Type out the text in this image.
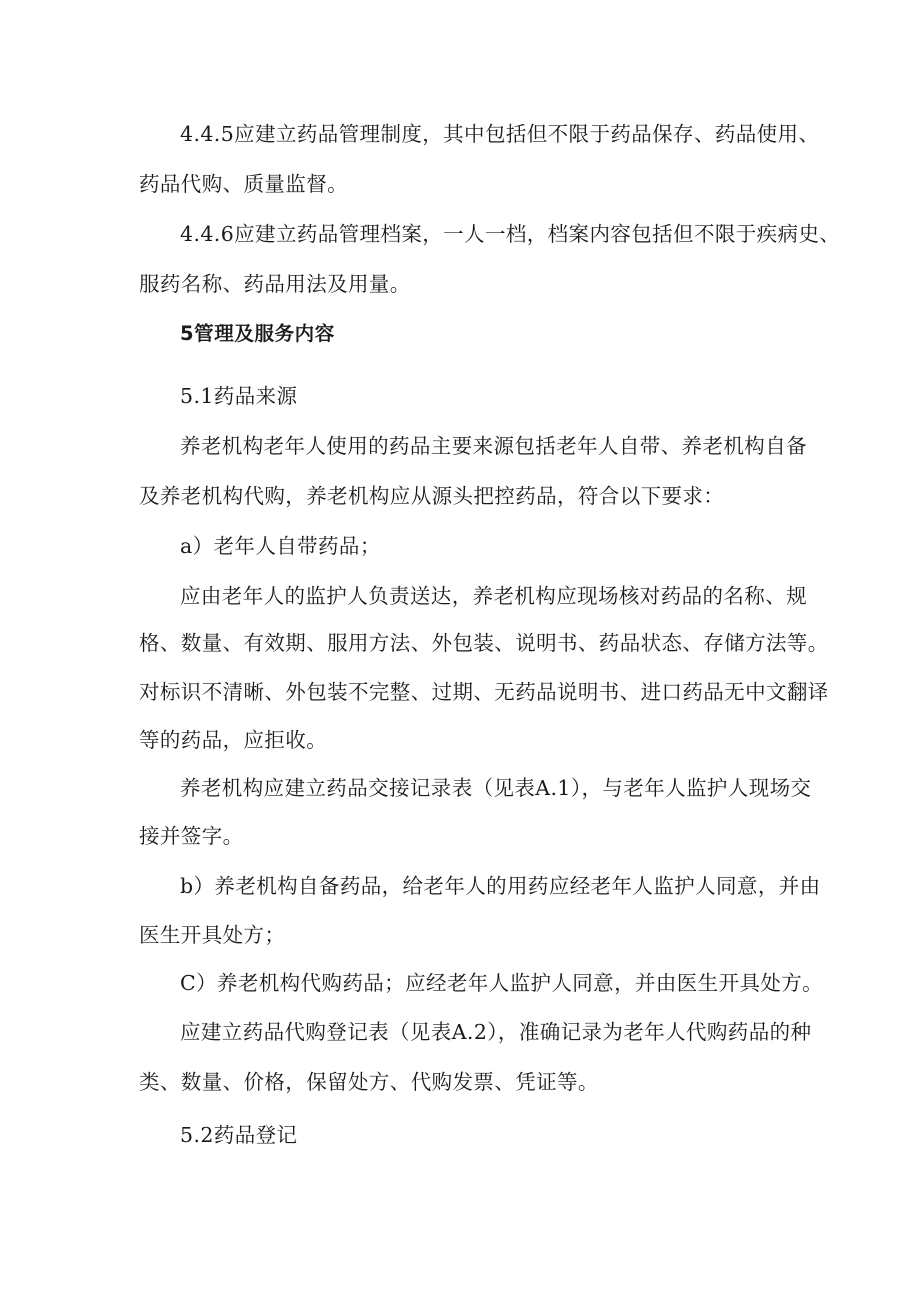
4.4.5应建立药品管理制度，其中包括但不限于药品保存、药品使用、
药品代购、质量监督。
4.4.6应建立药品管理档案，一人一档，档案内容包括但不限于疾病史、
服药名称、药品用法及用量。
5管理及服务内容
5.1药品来源
养老机构老年人使用的药品主要来源包括老年人自带、养老机构自备
及养老机构代购，养老机构应从源头把控药品，符合以下要求：
a）老年人自带药品；
应由老年人的监护人负责送达，养老机构应现场核对药品的名称、规
格、数量、有效期、服用方法、外包装、说明书、药品状态、存储方法等。
对标识不清晰、外包装不完整、过期、无药品说明书、进口药品无中文翻译
等的药品，应拒收。
养老机构应建立药品交接记录表（见表A.1），与老年人监护人现场交
接并签字。
b）养老机构自备药品，给老年人的用药应经老年人监护人同意，并由
医生开具处方；
C）养老机构代购药品；应经老年人监护人同意，并由医生开具处方。
应建立药品代购登记表（见表A.2），准确记录为老年人代购药品的种
类、数量、价格，保留处方、代购发票、凭证等。
5.2药品登记
